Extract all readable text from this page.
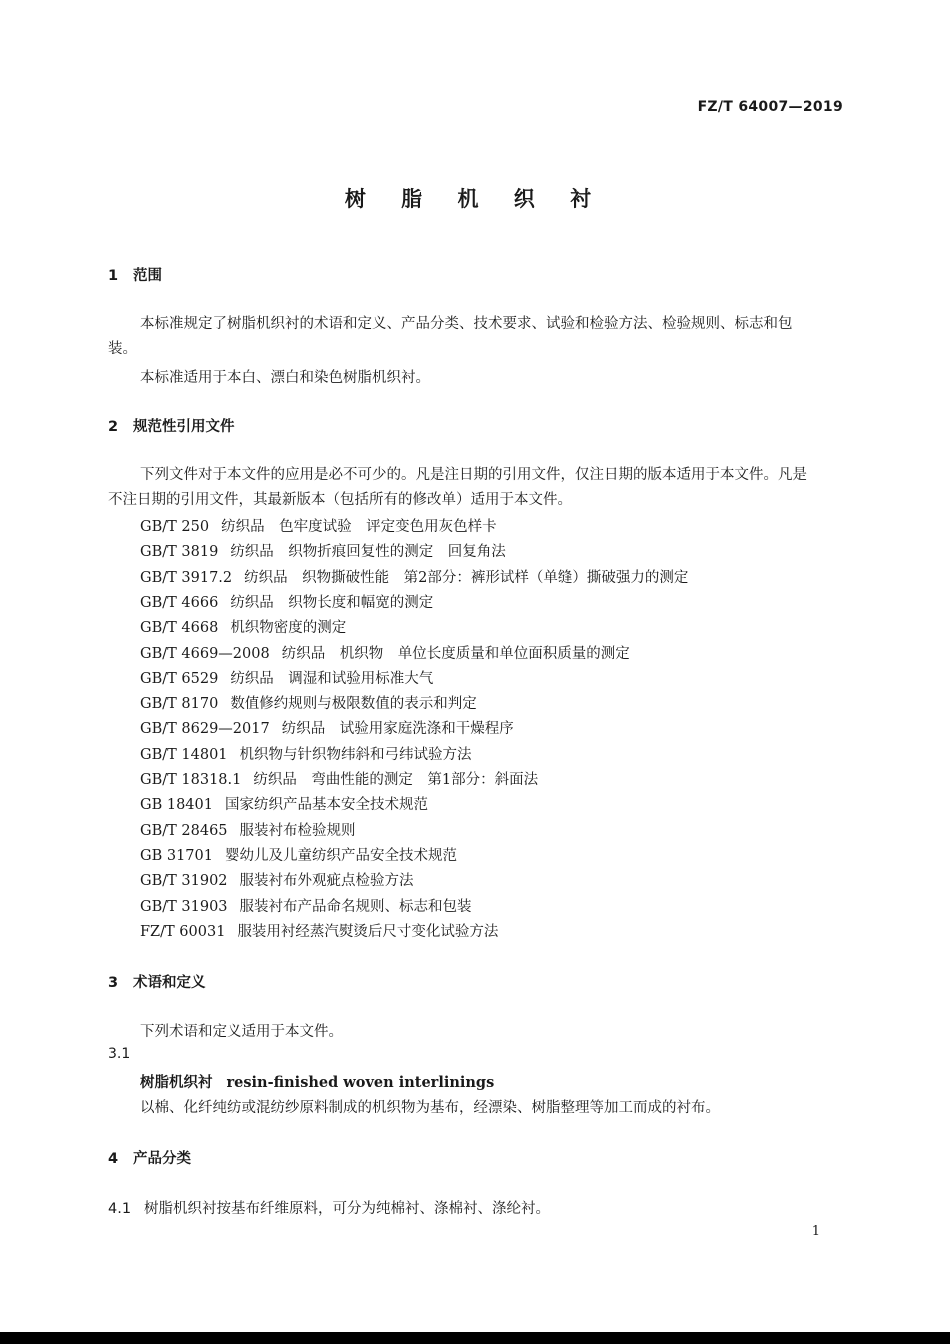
FZ/T 64007—2019
树 脂 机 织 衬
1 范围
本标准规定了树脂机织衬的术语和定义、产品分类、技术要求、试验和检验方法、检验规则、标志和包装。
本标准适用于本白、漂白和染色树脂机织衬。
2 规范性引用文件
下列文件对于本文件的应用是必不可少的。凡是注日期的引用文件，仅注日期的版本适用于本文件。凡是不注日期的引用文件，其最新版本（包括所有的修改单）适用于本文件。
GB/T 250 纺织品　色牢度试验　评定变色用灰色样卡
GB/T 3819 纺织品　织物折痕回复性的测定　回复角法
GB/T 3917.2 纺织品　织物撕破性能　第2部分：裤形试样（单缝）撕破强力的测定
GB/T 4666 纺织品　织物长度和幅宽的测定
GB/T 4668 机织物密度的测定
GB/T 4669—2008 纺织品　机织物　单位长度质量和单位面积质量的测定
GB/T 6529 纺织品　调湿和试验用标准大气
GB/T 8170 数值修约规则与极限数值的表示和判定
GB/T 8629—2017 纺织品　试验用家庭洗涤和干燥程序
GB/T 14801 机织物与针织物纬斜和弓纬试验方法
GB/T 18318.1 纺织品　弯曲性能的测定　第1部分：斜面法
GB 18401 国家纺织产品基本安全技术规范
GB/T 28465 服装衬布检验规则
GB 31701 婴幼儿及儿童纺织产品安全技术规范
GB/T 31902 服装衬布外观疵点检验方法
GB/T 31903 服装衬布产品命名规则、标志和包装
FZ/T 60031 服装用衬经蒸汽熨烫后尺寸变化试验方法
3 术语和定义
下列术语和定义适用于本文件。
3.1
树脂机织衬 resin-finished woven interlinings
以棉、化纤纯纺或混纺纱原料制成的机织物为基布，经漂染、树脂整理等加工而成的衬布。
4 产品分类
4.1 树脂机织衬按基布纤维原料，可分为纯棉衬、涤棉衬、涤纶衬。
1
